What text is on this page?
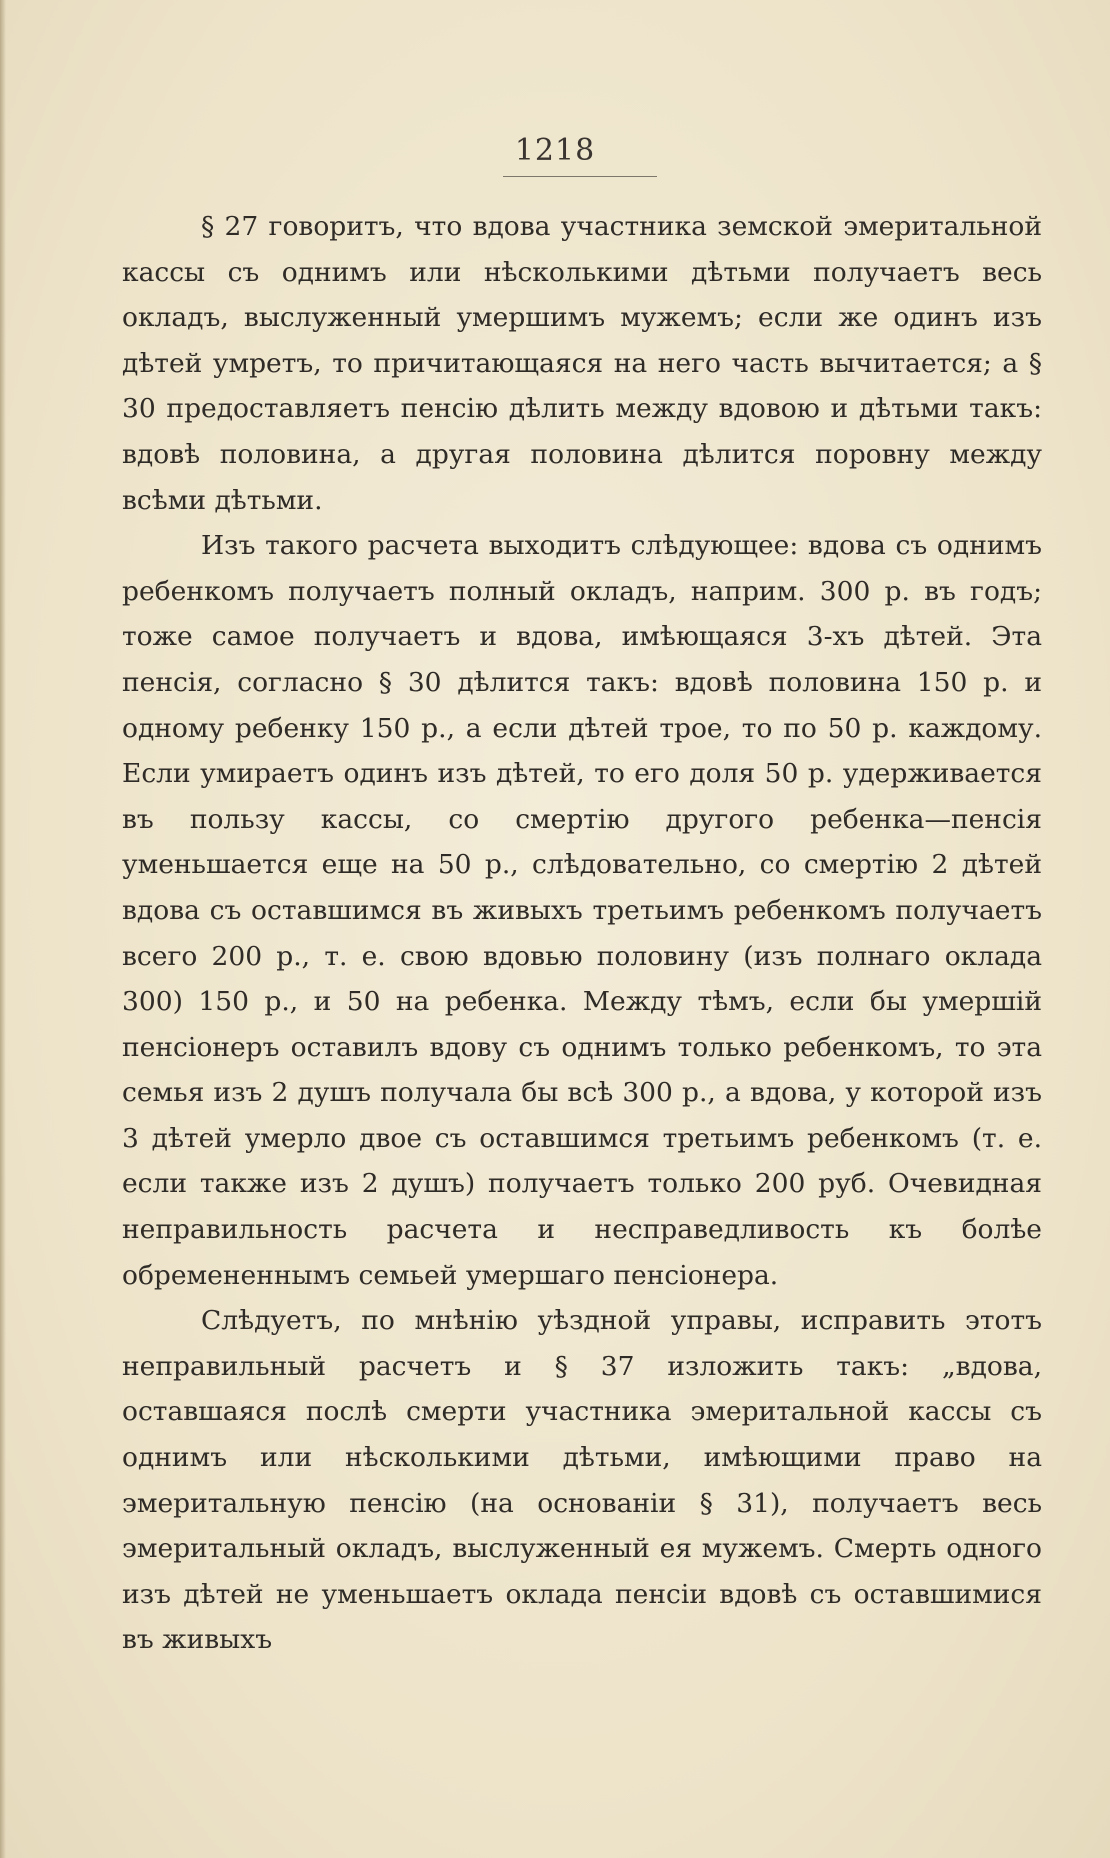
1218

§ 27 говоритъ, что вдова участника земской эмеритальной кассы съ однимъ или нѣсколькими дѣтьми получаетъ весь окладъ, выслуженный умершимъ мужемъ; если же одинъ изъ дѣтей умретъ, то причитающаяся на него часть вычитается; а § 30 предоставляетъ пенсію дѣлить между вдовою и дѣтьми такъ: вдовѣ половина, а другая половина дѣлится поровну между всѣми дѣтьми.

Изъ такого расчета выходитъ слѣдующее: вдова съ однимъ ребенкомъ получаетъ полный окладъ, наприм. 300 р. въ годъ; тоже самое получаетъ и вдова, имѣющаяся 3-хъ дѣтей. Эта пенсія, согласно § 30 дѣлится такъ: вдовѣ половина 150 р. и одному ребенку 150 р., а если дѣтей трое, то по 50 р. каждому. Если умираетъ одинъ изъ дѣтей, то его доля 50 р. удерживается въ пользу кассы, со смертію другого ребенка—пенсія уменьшается еще на 50 р., слѣдовательно, со смертію 2 дѣтей вдова съ оставшимся въ живыхъ третьимъ ребенкомъ получаетъ всего 200 р., т. е. свою вдовью половину (изъ полнаго оклада 300) 150 р., и 50 на ребенка. Между тѣмъ, если бы умершій пенсіонеръ оставилъ вдову съ однимъ только ребенкомъ, то эта семья изъ 2 душъ получала бы всѣ 300 р., а вдова, у которой изъ 3 дѣтей умерло двое съ оставшимся третьимъ ребенкомъ (т. е. если также изъ 2 душъ) получаетъ только 200 руб. Очевидная неправильность расчета и несправедливость къ болѣе обремененнымъ семьей умершаго пенсіонера.

Слѣдуетъ, по мнѣнію уѣздной управы, исправить этотъ неправильный расчетъ и § 37 изложить такъ: „вдова, оставшаяся послѣ смерти участника эмеритальной кассы съ однимъ или нѣсколькими дѣтьми, имѣющими право на эмеритальную пенсію (на основаніи § 31), получаетъ весь эмеритальный окладъ, выслуженный ея мужемъ. Смерть одного изъ дѣтей не уменьшаетъ оклада пенсіи вдовѣ съ оставшимися въ живыхъ
